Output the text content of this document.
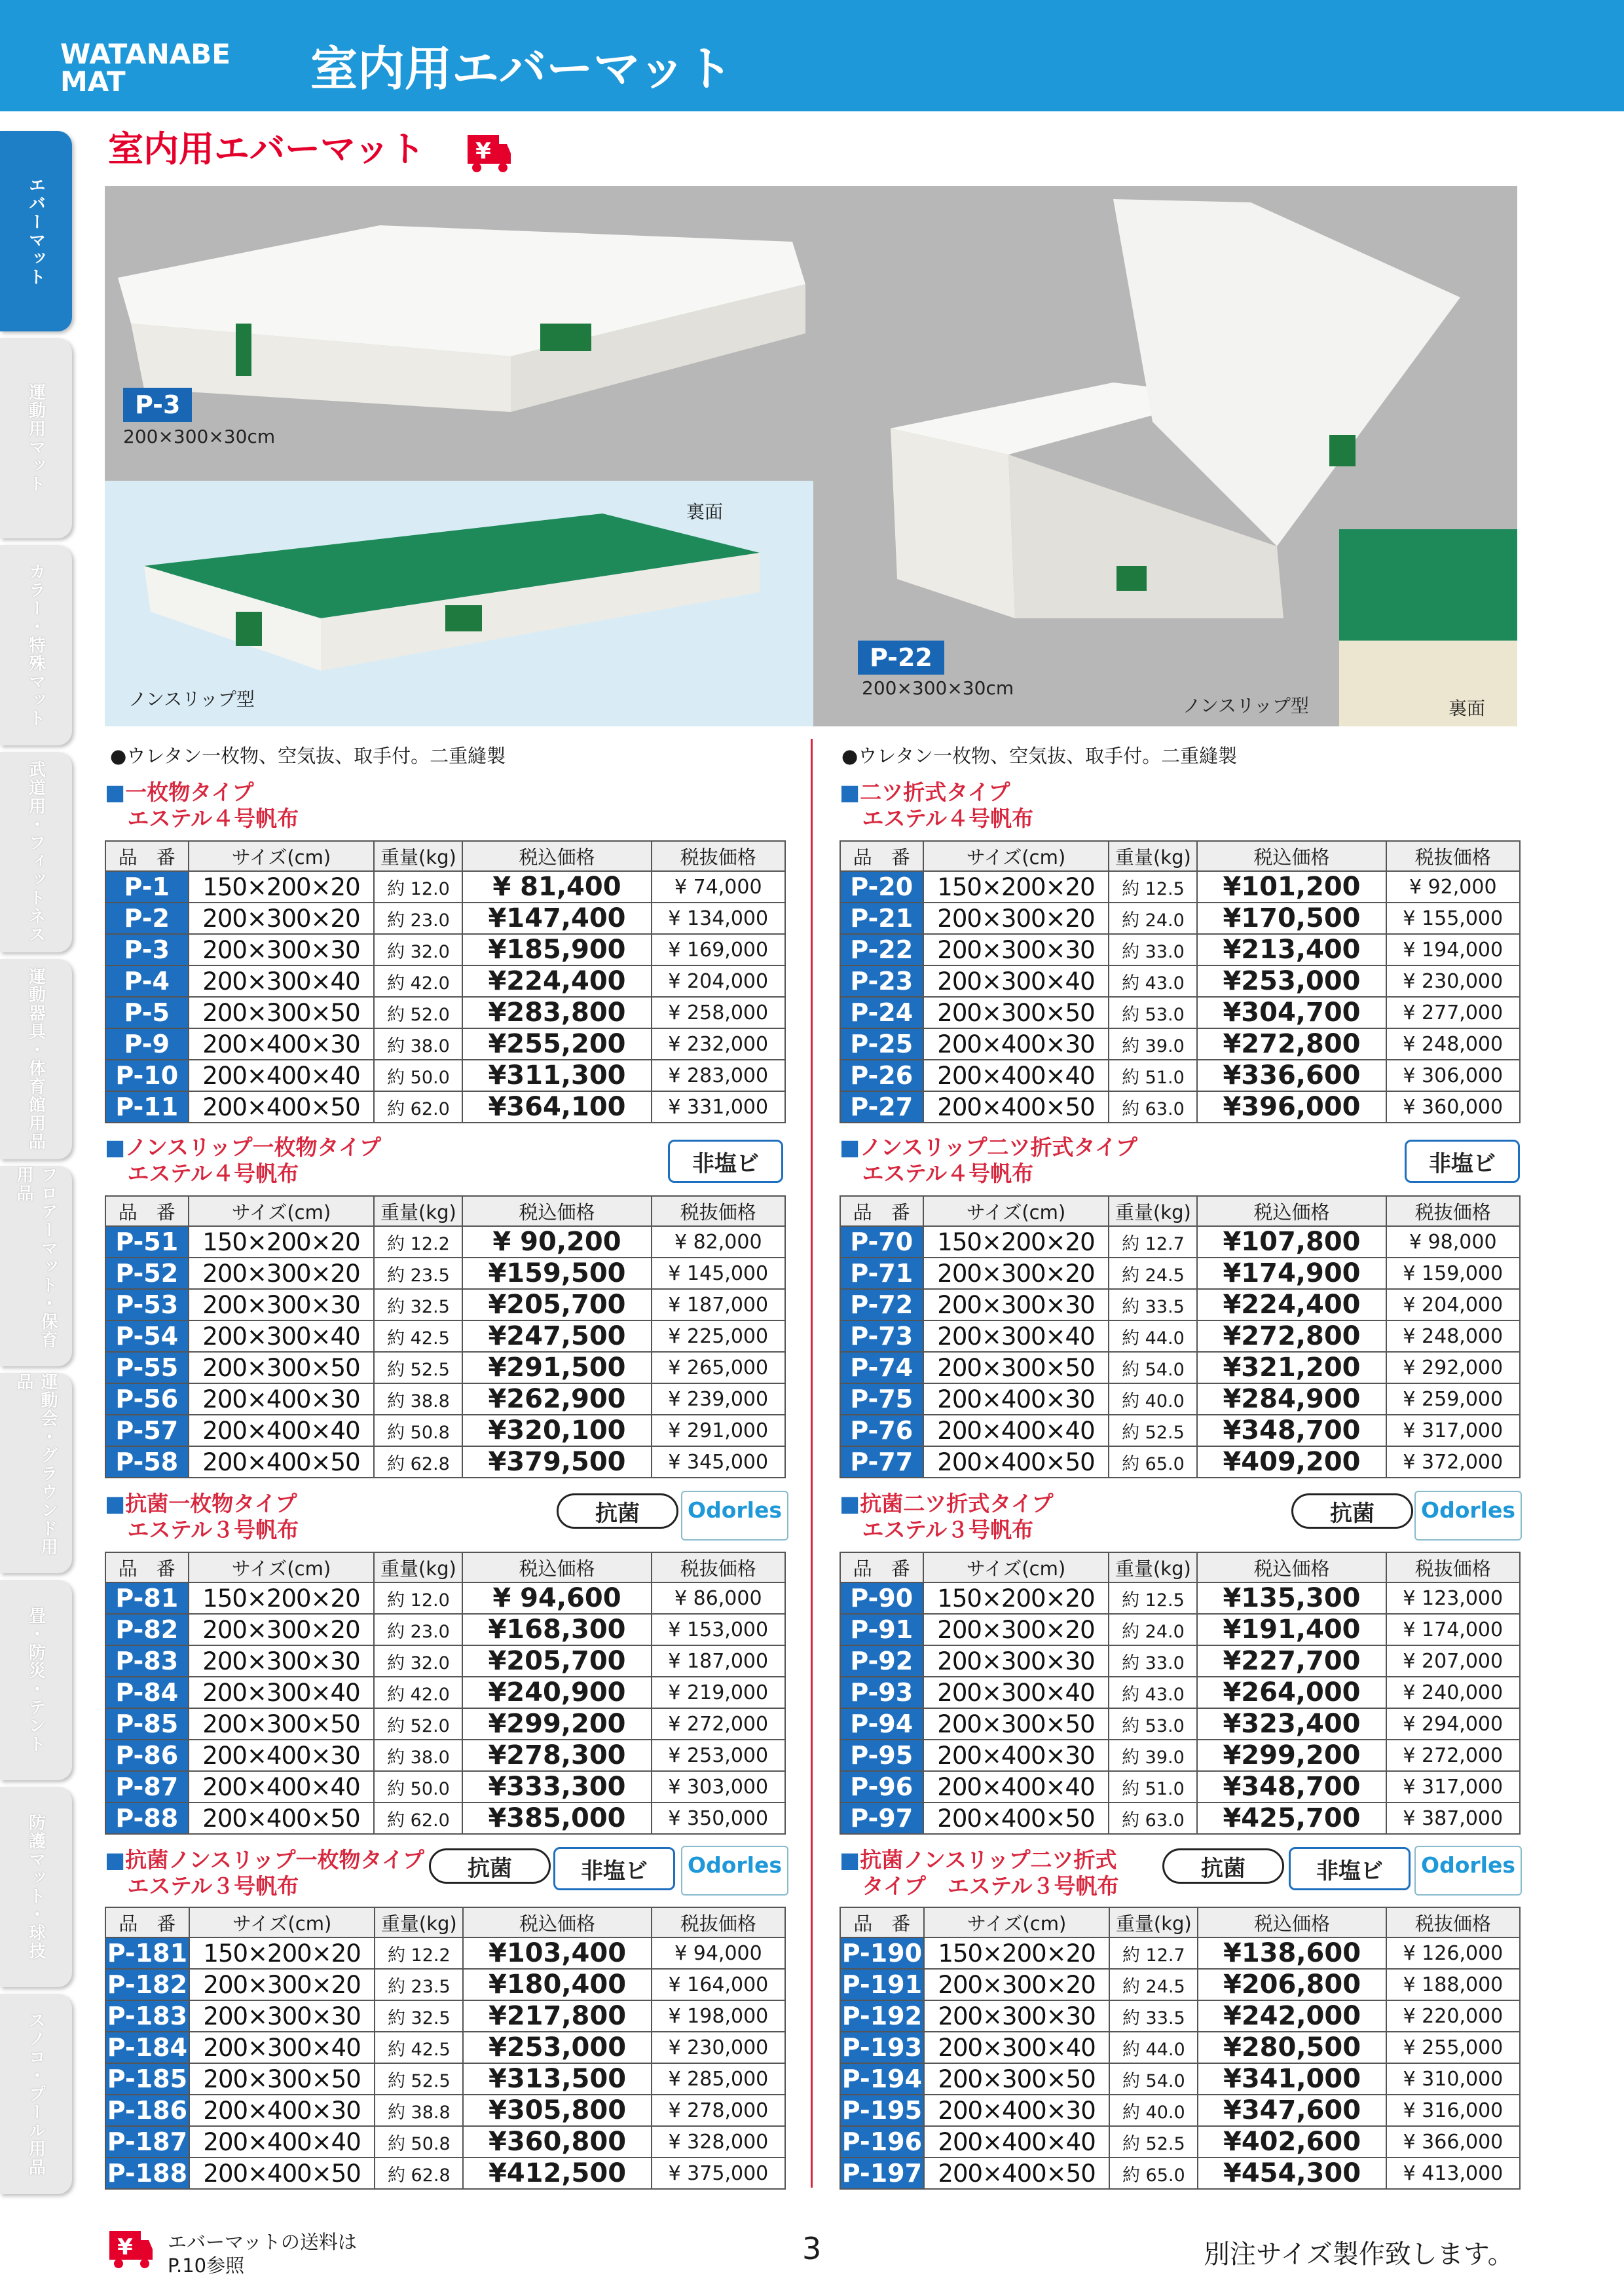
WATANABE
MAT	室内用エバーマット
エバーマット
運動用マット
カラー・特殊マット
武道用・フィットネス
運動器具・体育館用品
フロアーマット・保育用品
運動会・グラウンド用品
畳・防災・テント
防護マット・球技
スノコ・プール用品
室内用エバーマット ¥
P-3
200×300×30cm
裏面
ノンスリップ型
P-22
200×300×30cm
ノンスリップ型	裏面
●ウレタン一枚物、空気抜、取手付。二重縫製	●ウレタン一枚物、空気抜、取手付。二重縫製
■一枚物タイプ
エステル４号帆布
■ノンスリップ一枚物タイプ
エステル４号帆布
■抗菌一枚物タイプ
エステル３号帆布
■抗菌ノンスリップ一枚物タイプ
エステル３号帆布
■二ツ折式タイプ
エステル４号帆布
■ノンスリップ二ツ折式タイプ
エステル４号帆布
■抗菌二ツ折式タイプ
エステル３号帆布
■抗菌ノンスリップ二ツ折式
タイプ　エステル３号帆布
非塩ビ	非塩ビ
抗菌	Odorles	抗菌	Odorles
抗菌	非塩ビ	Odorles	抗菌	非塩ビ	Odorles
品　番	サイズ(cm)	重量(kg)	税込価格	税抜価格
P-1	150×200×20	約 12.0	¥ 81,400	¥ 74,000
P-2	200×300×20	約 23.0	¥147,400	¥ 134,000
P-3	200×300×30	約 32.0	¥185,900	¥ 169,000
P-4	200×300×40	約 42.0	¥224,400	¥ 204,000
P-5	200×300×50	約 52.0	¥283,800	¥ 258,000
P-9	200×400×30	約 38.0	¥255,200	¥ 232,000
P-10	200×400×40	約 50.0	¥311,300	¥ 283,000
P-11	200×400×50	約 62.0	¥364,100	¥ 331,000
品　番	サイズ(cm)	重量(kg)	税込価格	税抜価格
P-51	150×200×20	約 12.2	¥ 90,200	¥ 82,000
P-52	200×300×20	約 23.5	¥159,500	¥ 145,000
P-53	200×300×30	約 32.5	¥205,700	¥ 187,000
P-54	200×300×40	約 42.5	¥247,500	¥ 225,000
P-55	200×300×50	約 52.5	¥291,500	¥ 265,000
P-56	200×400×30	約 38.8	¥262,900	¥ 239,000
P-57	200×400×40	約 50.8	¥320,100	¥ 291,000
P-58	200×400×50	約 62.8	¥379,500	¥ 345,000
品　番	サイズ(cm)	重量(kg)	税込価格	税抜価格
P-81	150×200×20	約 12.0	¥ 94,600	¥ 86,000
P-82	200×300×20	約 23.0	¥168,300	¥ 153,000
P-83	200×300×30	約 32.0	¥205,700	¥ 187,000
P-84	200×300×40	約 42.0	¥240,900	¥ 219,000
P-85	200×300×50	約 52.0	¥299,200	¥ 272,000
P-86	200×400×30	約 38.0	¥278,300	¥ 253,000
P-87	200×400×40	約 50.0	¥333,300	¥ 303,000
P-88	200×400×50	約 62.0	¥385,000	¥ 350,000
品　番	サイズ(cm)	重量(kg)	税込価格	税抜価格
P-181	150×200×20	約 12.2	¥103,400	¥ 94,000
P-182	200×300×20	約 23.5	¥180,400	¥ 164,000
P-183	200×300×30	約 32.5	¥217,800	¥ 198,000
P-184	200×300×40	約 42.5	¥253,000	¥ 230,000
P-185	200×300×50	約 52.5	¥313,500	¥ 285,000
P-186	200×400×30	約 38.8	¥305,800	¥ 278,000
P-187	200×400×40	約 50.8	¥360,800	¥ 328,000
P-188	200×400×50	約 62.8	¥412,500	¥ 375,000
品　番	サイズ(cm)	重量(kg)	税込価格	税抜価格
P-20	150×200×20	約 12.5	¥101,200	¥ 92,000
P-21	200×300×20	約 24.0	¥170,500	¥ 155,000
P-22	200×300×30	約 33.0	¥213,400	¥ 194,000
P-23	200×300×40	約 43.0	¥253,000	¥ 230,000
P-24	200×300×50	約 53.0	¥304,700	¥ 277,000
P-25	200×400×30	約 39.0	¥272,800	¥ 248,000
P-26	200×400×40	約 51.0	¥336,600	¥ 306,000
P-27	200×400×50	約 63.0	¥396,000	¥ 360,000
品　番	サイズ(cm)	重量(kg)	税込価格	税抜価格
P-70	150×200×20	約 12.7	¥107,800	¥ 98,000
P-71	200×300×20	約 24.5	¥174,900	¥ 159,000
P-72	200×300×30	約 33.5	¥224,400	¥ 204,000
P-73	200×300×40	約 44.0	¥272,800	¥ 248,000
P-74	200×300×50	約 54.0	¥321,200	¥ 292,000
P-75	200×400×30	約 40.0	¥284,900	¥ 259,000
P-76	200×400×40	約 52.5	¥348,700	¥ 317,000
P-77	200×400×50	約 65.0	¥409,200	¥ 372,000
品　番	サイズ(cm)	重量(kg)	税込価格	税抜価格
P-90	150×200×20	約 12.5	¥135,300	¥ 123,000
P-91	200×300×20	約 24.0	¥191,400	¥ 174,000
P-92	200×300×30	約 33.0	¥227,700	¥ 207,000
P-93	200×300×40	約 43.0	¥264,000	¥ 240,000
P-94	200×300×50	約 53.0	¥323,400	¥ 294,000
P-95	200×400×30	約 39.0	¥299,200	¥ 272,000
P-96	200×400×40	約 51.0	¥348,700	¥ 317,000
P-97	200×400×50	約 63.0	¥425,700	¥ 387,000
品　番	サイズ(cm)	重量(kg)	税込価格	税抜価格
P-190	150×200×20	約 12.7	¥138,600	¥ 126,000
P-191	200×300×20	約 24.5	¥206,800	¥ 188,000
P-192	200×300×30	約 33.5	¥242,000	¥ 220,000
P-193	200×300×40	約 44.0	¥280,500	¥ 255,000
P-194	200×300×50	約 54.0	¥341,000	¥ 310,000
P-195	200×400×30	約 40.0	¥347,600	¥ 316,000
P-196	200×400×40	約 52.5	¥402,600	¥ 366,000
P-197	200×400×50	約 65.0	¥454,300	¥ 413,000
¥ エバーマットの送料は
P.10参照	3	別注サイズ製作致します。
